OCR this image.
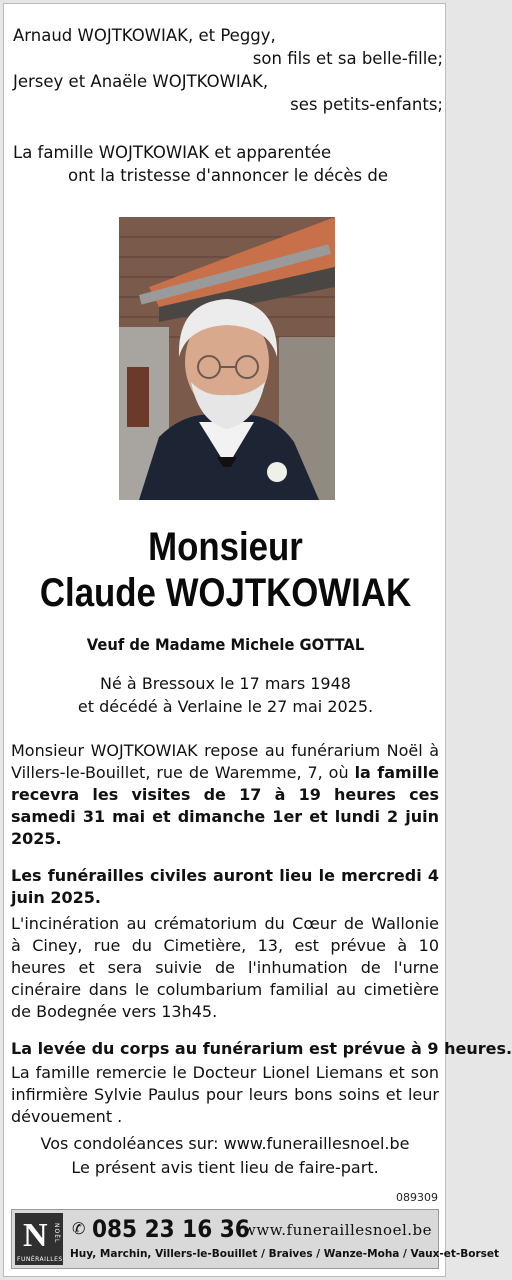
Arnaud WOJTKOWIAK, et Peggy,
son fils et sa belle-fille;
Jersey et Anaële WOJTKOWIAK,
ses petits-enfants;
La famille WOJTKOWIAK et apparentée
ont la tristesse d'annoncer le décès de
Monsieur
Claude WOJTKOWIAK
Veuf de Madame Michele GOTTAL
Né à Bressoux le 17 mars 1948
et décédé à Verlaine le 27 mai 2025.
Monsieur WOJTKOWIAK repose au funérarium Noël à Villers-le-Bouillet, rue de Waremme, 7, où la famille recevra les visites de 17 à 19 heures ces samedi 31 mai et dimanche 1er et lundi 2 juin 2025.
Les funérailles civiles auront lieu le mercredi 4 juin 2025.
L'incinération au crématorium du Cœur de Wallonie à Ciney, rue du Cimetière, 13, est prévue à 10 heures et sera suivie de l'inhumation de l'urne cinéraire dans le columbarium familial au cimetière de Bodegnée vers 13h45.
La levée du corps au funérarium est prévue à 9 heures.
La famille remercie le Docteur Lionel Liemans et son infirmière Sylvie Paulus pour leurs bons soins et leur dévouement .
Vos condoléances sur: www.funeraillesnoel.be
Le présent avis tient lieu de faire-part.
089309
N NOËL
FUNÉRAILLES
✆ 085 23 16 36
www.funeraillesnoel.be
Huy, Marchin, Villers-le-Bouillet / Braives / Wanze-Moha / Vaux-et-Borset
